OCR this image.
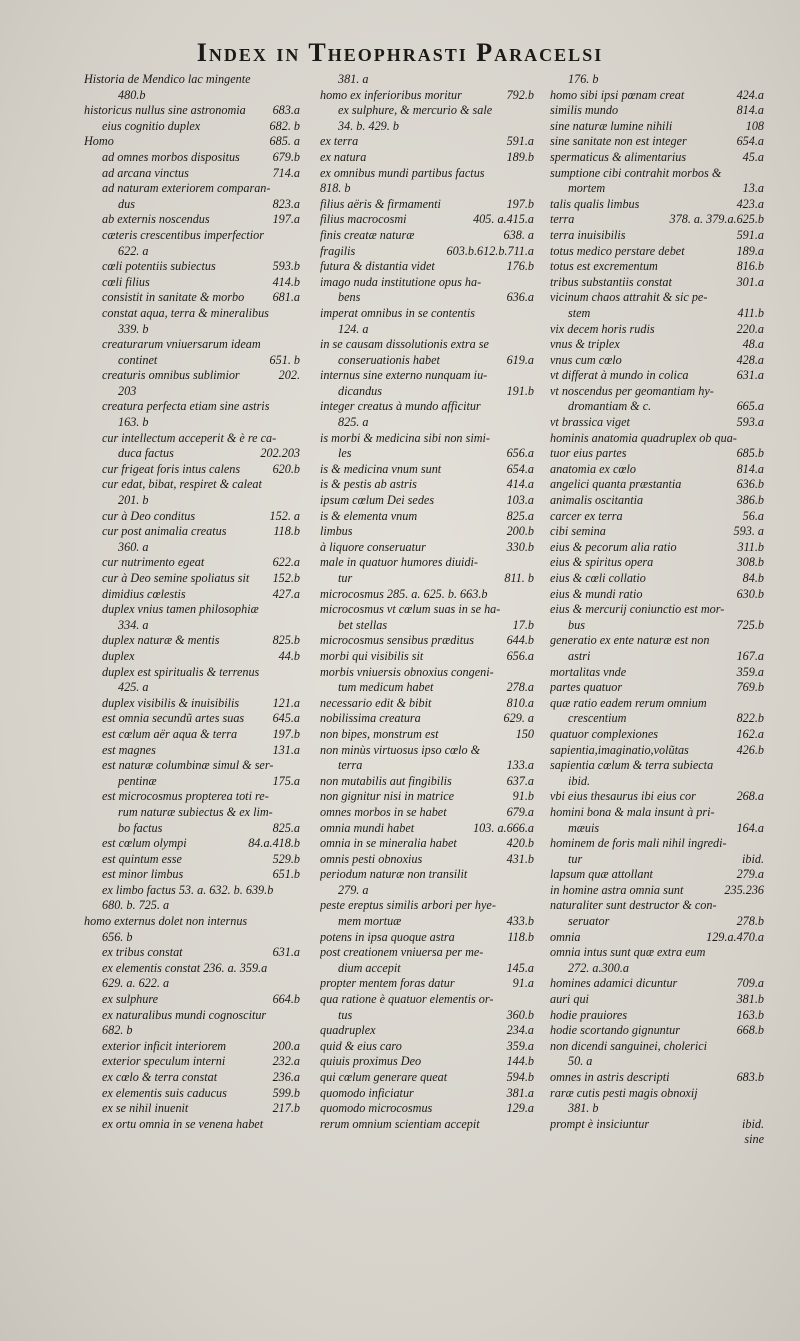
Index in Theophrasti Paracelsi
Historia de Mendico lac mingente
480.b
historicus nullus sine astronomia	683.a
eius cognitio duplex	682. b
Homo	685. a
ad omnes morbos dispositus	679.b
ad arcana vinctus	714.a
ad naturam exteriorem comparan-
dus	823.a
ab externis noscendus	197.a
cæteris crescentibus imperfectior
622. a
cœli potentiis subiectus	593.b
cœli filius	414.b
consistit in sanitate & morbo	681.a
constat aqua, terra & mineralibus
339. b
creaturarum vniuersarum ideam
continet	651. b
creaturis omnibus sublimior	202.
203
creatura perfecta etiam sine astris
163. b
cur intellectum acceperit & è re ca-
duca factus	202.203
cur frigeat foris intus calens	620.b
cur edat, bibat, respiret & caleat
201. b
cur à Deo conditus	152. a
cur post animalia creatus	118.b
360. a
cur nutrimento egeat	622.a
cur à Deo semine spoliatus sit	152.b
dimidius cœlestis	427.a
duplex vnius tamen philosophiæ
334. a
duplex naturæ & mentis	825.b
duplex	44.b
duplex est spiritualis & terrenus
425. a
duplex visibilis & inuisibilis	121.a
est omnia secundũ artes suas	645.a
est cœlum aër aqua & terra	197.b
est magnes	131.a
est naturæ columbinæ simul & ser-
pentinæ	175.a
est microcosmus propterea toti re-
rum naturæ subiectus & ex lim-
bo factus	825.a
est cœlum olympi	84.a.418.b
est quintum esse	529.b
est minor limbus	651.b
ex limbo factus 53. a. 632. b. 639.b
680. b. 725. a
homo externus dolet non internus
656. b
ex tribus constat	631.a
ex elementis constat 236. a. 359.a
629. a. 622. a
ex sulphure	664.b
ex naturalibus mundi cognoscitur
682. b
exterior inficit interiorem	200.a
exterior speculum interni	232.a
ex cœlo & terra constat	236.a
ex elementis suis caducus	599.b
ex se nihil inuenit	217.b
ex ortu omnia in se venena habet
381. a
homo ex inferioribus moritur	792.b
ex sulphure, & mercurio & sale
34. b. 429. b
ex terra	591.a
ex natura	189.b
ex omnibus mundi partibus factus
818. b
filius aëris & firmamenti	197.b
filius macrocosmi	405. a.415.a
finis creatæ naturæ	638. a
fragilis	603.b.612.b.711.a
futura & distantia videt	176.b
imago nuda institutione opus ha-
bens	636.a
imperat omnibus in se contentis
124. a
in se causam dissolutionis extra se
conseruationis habet	619.a
internus sine externo nunquam iu-
dicandus	191.b
integer creatus à mundo afficitur
825. a
is morbi & medicina sibi non simi-
les	656.a
is & medicina vnum sunt	654.a
is & pestis ab astris	414.a
ipsum cœlum Dei sedes	103.a
is & elementa vnum	825.a
limbus	200.b
à liquore conseruatur	330.b
male in quatuor humores diuidi-
tur	811. b
microcosmus 285. a. 625. b. 663.b
microcosmus vt cœlum suas in se ha-
bet stellas	17.b
microcosmus sensibus præditus	644.b
morbi qui visibilis sit	656.a
morbis vniuersis obnoxius congeni-
tum medicum habet	278.a
necessario edit & bibit	810.a
nobilissima creatura	629. a
non bipes, monstrum est	150
non minùs virtuosus ipso cœlo &
terra	133.a
non mutabilis aut fingibilis	637.a
non gignitur nisi in matrice	91.b
omnes morbos in se habet	679.a
omnia mundi habet	103. a.666.a
omnia in se mineralia habet	420.b
omnis pesti obnoxius	431.b
periodum naturæ non transilit
279. a
peste ereptus similis arbori per hye-
mem mortuæ	433.b
potens in ipsa quoque astra	118.b
post creationem vniuersa per me-
dium accepit	145.a
propter mentem foras datur	91.a
qua ratione è quatuor elementis or-
tus	360.b
quadruplex	234.a
quid & eius caro	359.a
quiuis proximus Deo	144.b
qui cœlum generare queat	594.b
quomodo inficiatur	381.a
quomodo microcosmus	129.a
rerum omnium scientiam accepit
176. b
homo sibi ipsi pœnam creat	424.a
similis mundo	814.a
sine naturæ lumine nihili	108
sine sanitate non est integer	654.a
spermaticus & alimentarius	45.a
sumptione cibi contrahit morbos &
mortem	13.a
talis qualis limbus	423.a
terra	378. a. 379.a.625.b
terra inuisibilis	591.a
totus medico perstare debet	189.a
totus est excrementum	816.b
tribus substantiis constat	301.a
vicinum chaos attrahit & sic pe-
stem	411.b
vix decem horis rudis	220.a
vnus & triplex	48.a
vnus cum cœlo	428.a
vt differat à mundo in colica	631.a
vt noscendus per geomantiam hy-
dromantiam & c.	665.a
vt brassica viget	593.a
hominis anatomia quadruplex ob qua-
tuor eius partes	685.b
anatomia ex cœlo	814.a
angelici quanta præstantia	636.b
animalis oscitantia	386.b
carcer ex terra	56.a
cibi semina	593. a
eius & pecorum alia ratio	311.b
eius & spiritus opera	308.b
eius & cœli collatio	84.b
eius & mundi ratio	630.b
eius & mercurij coniunctio est mor-
bus	725.b
generatio ex ente naturæ est non
astri	167.a
mortalitas vnde	359.a
partes quatuor	769.b
quæ ratio eadem rerum omnium
crescentium	822.b
quatuor complexiones	162.a
sapientia,imaginatio,volũtas	426.b
sapientia cœlum & terra subiecta
ibid.
vbi eius thesaurus ibi eius cor	268.a
homini bona & mala insunt à pri-
mæuis	164.a
hominem de foris mali nihil ingredi-
tur	ibid.
lapsum quæ attollant	279.a
in homine astra omnia sunt	235.236
naturaliter sunt destructor & con-
seruator	278.b
omnia	129.a.470.a
omnia intus sunt quæ extra eum
272. a.300.a
homines adamici dicuntur	709.a
auri qui	381.b
hodie prauiores	163.b
hodie scortando gignuntur	668.b
non dicendi sanguinei, cholerici
50. a
omnes in astris descripti	683.b
raræ cutis pesti magis obnoxij
381. b
prompt è insiciuntur	ibid.
sine
